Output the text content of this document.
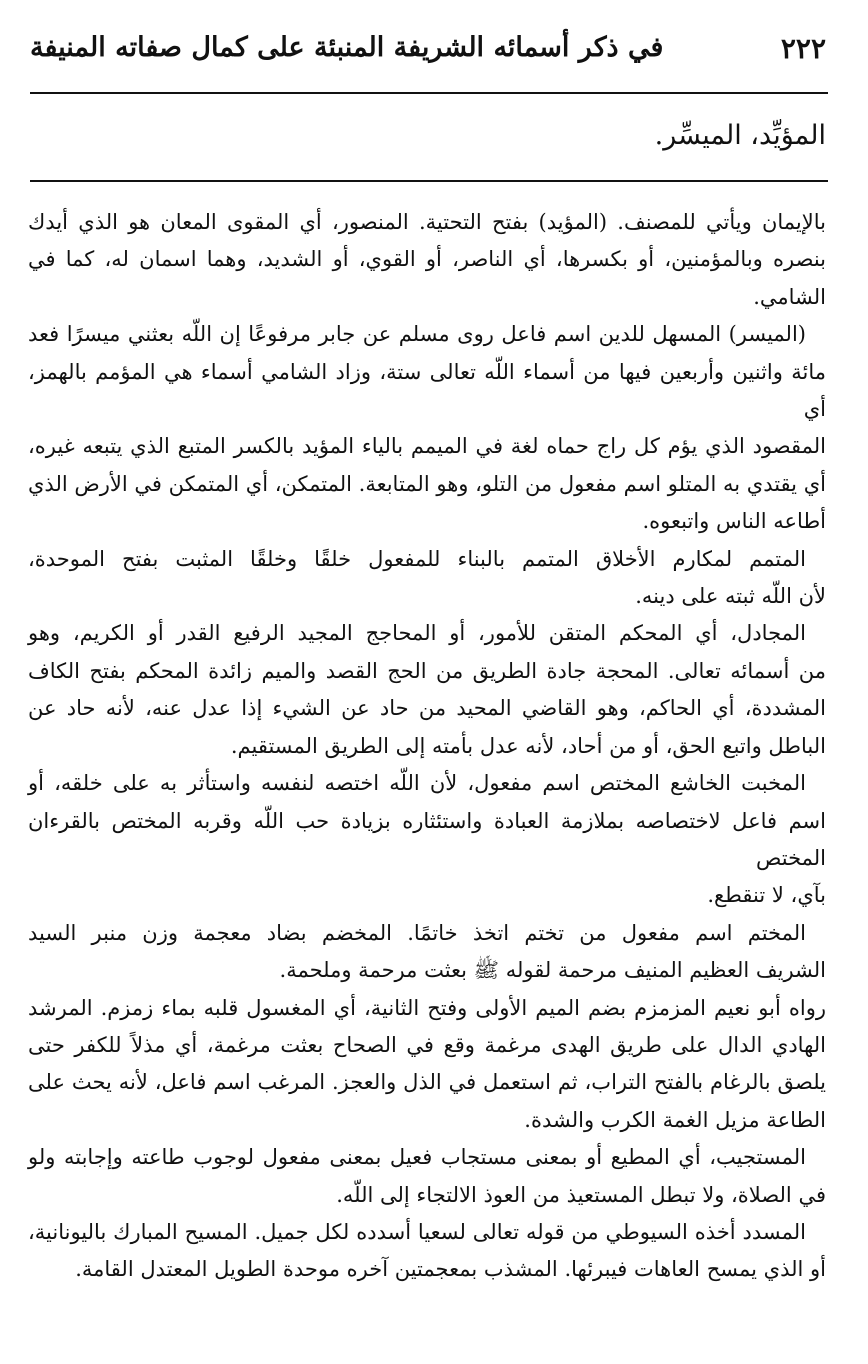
٢٢٢
في ذكر أسمائه الشريفة المنبئة على كمال صفاته المنيفة
المؤيِّد، الميسِّر.
بالإيمان ويأتي للمصنف. (المؤيد) بفتح التحتية. المنصور، أي المقوى المعان هو الذي أيدك
بنصره وبالمؤمنين، أو بكسرها، أي الناصر، أو القوي، أو الشديد، وهما اسمان له، كما في
الشامي.
(الميسر) المسهل للدين اسم فاعل روى مسلم عن جابر مرفوعًا إن اللّه بعثني ميسرًا فعد
مائة واثنين وأربعين فيها من أسماء اللّه تعالى ستة، وزاد الشامي أسماء هي المؤمم بالهمز، أي
المقصود الذي يؤم كل راج حماه لغة في الميمم بالياء المؤيد بالكسر المتبع الذي يتبعه غيره،
أي يقتدي به المتلو اسم مفعول من التلو، وهو المتابعة. المتمكن، أي المتمكن في الأرض الذي
أطاعه الناس واتبعوه.
المتمم لمكارم الأخلاق المتمم بالبناء للمفعول خلقًا وخلقًا المثبت بفتح الموحدة،
لأن اللّه ثبته على دينه.
المجادل، أي المحكم المتقن للأمور، أو المحاجج المجيد الرفيع القدر أو الكريم، وهو
من أسمائه تعالى. المحجة جادة الطريق من الحج القصد والميم زائدة المحكم بفتح الكاف
المشددة، أي الحاكم، وهو القاضي المحيد من حاد عن الشيء إذا عدل عنه، لأنه حاد عن
الباطل واتبع الحق، أو من أحاد، لأنه عدل بأمته إلى الطريق المستقيم.
المخبت الخاشع المختص اسم مفعول، لأن اللّه اختصه لنفسه واستأثر به على خلقه، أو
اسم فاعل لاختصاصه بملازمة العبادة واستئثاره بزيادة حب اللّه وقربه المختص بالقرءان المختص
بآي، لا تنقطع.
المختم اسم مفعول من تختم اتخذ خاتمًا. المخضم بضاد معجمة وزن منبر السيد
الشريف العظيم المنيف مرحمة لقوله ﷺ بعثت مرحمة وملحمة.
رواه أبو نعيم المزمزم بضم الميم الأولى وفتح الثانية، أي المغسول قلبه بماء زمزم. المرشد
الهادي الدال على طريق الهدى مرغمة وقع في الصحاح بعثت مرغمة، أي مذلاً للكفر حتى
يلصق بالرغام بالفتح التراب، ثم استعمل في الذل والعجز. المرغب اسم فاعل، لأنه يحث على
الطاعة مزيل الغمة الكرب والشدة.
المستجيب، أي المطيع أو بمعنى مستجاب فعيل بمعنى مفعول لوجوب طاعته وإجابته ولو
في الصلاة، ولا تبطل المستعيذ من العوذ الالتجاء إلى اللّه.
المسدد أخذه السيوطي من قوله تعالى لسعيا أسدده لكل جميل. المسيح المبارك باليونانية،
أو الذي يمسح العاهات فيبرئها. المشذب بمعجمتين آخره موحدة الطويل المعتدل القامة.
